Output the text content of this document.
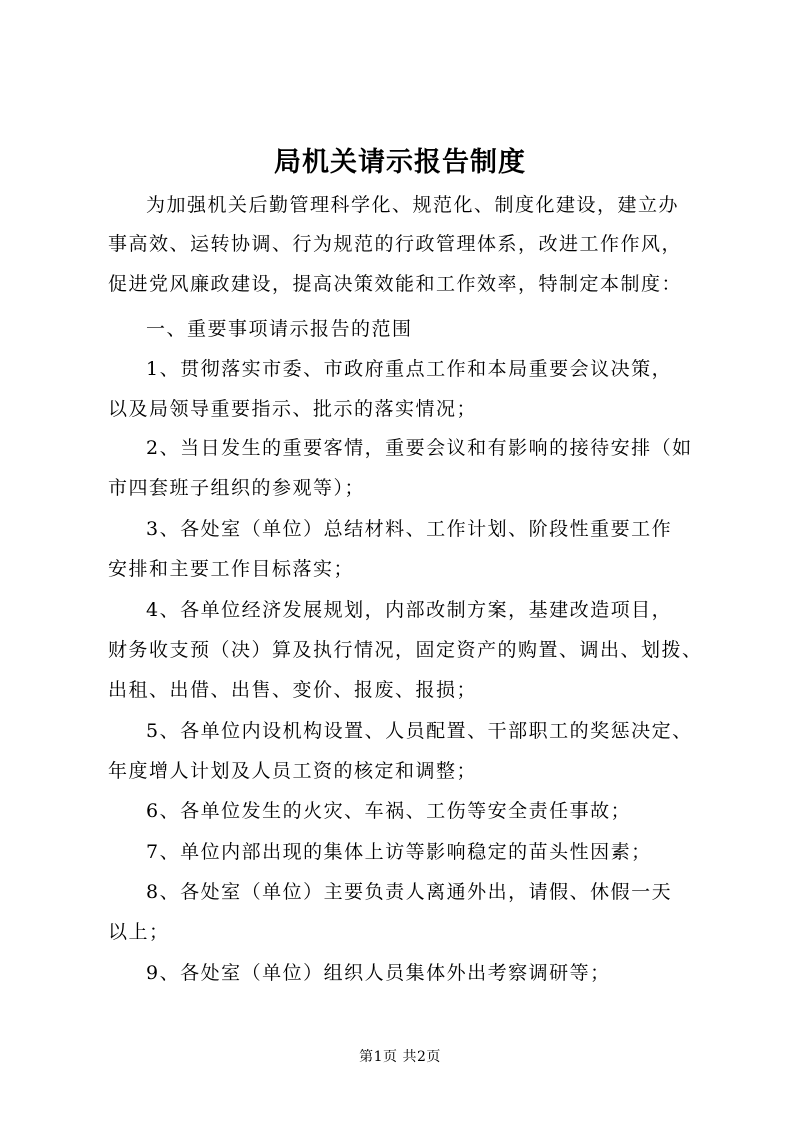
局机关请示报告制度

为加强机关后勤管理科学化、规范化、制度化建设，建立办

事高效、运转协调、行为规范的行政管理体系，改进工作作风，

促进党风廉政建设，提高决策效能和工作效率，特制定本制度：

一、重要事项请示报告的范围

1、贯彻落实市委、市政府重点工作和本局重要会议决策，

以及局领导重要指示、批示的落实情况；

2、当日发生的重要客情，重要会议和有影响的接待安排（如

市四套班子组织的参观等）；

3、各处室（单位）总结材料、工作计划、阶段性重要工作

安排和主要工作目标落实；

4、各单位经济发展规划，内部改制方案，基建改造项目，

财务收支预（决）算及执行情况，固定资产的购置、调出、划拨、

出租、出借、出售、变价、报废、报损；

5、各单位内设机构设置、人员配置、干部职工的奖惩决定、

年度增人计划及人员工资的核定和调整；

6、各单位发生的火灾、车祸、工伤等安全责任事故；

7、单位内部出现的集体上访等影响稳定的苗头性因素；

8、各处室（单位）主要负责人离通外出，请假、休假一天

以上；

9、各处室（单位）组织人员集体外出考察调研等；

第1页 共2页
